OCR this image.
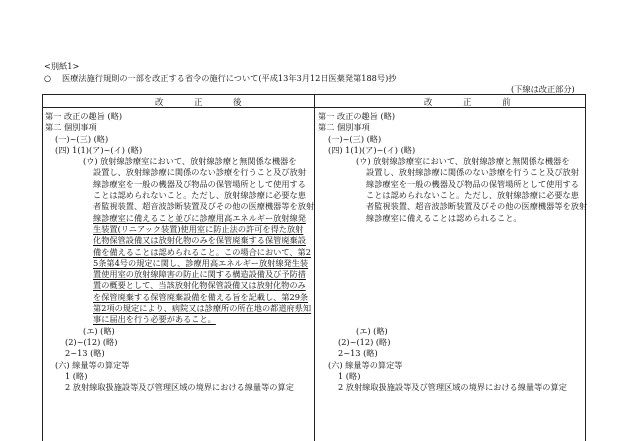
<別紙1>
○ 医療法施行規則の一部を改正する省令の施行について(平成13年3月12日医薬発第188号)抄
(下線は改正部分)
改 正 後	改 正 前
第一 改正の趣旨 (略)
第二 個別事項
(一)~(三) (略)
(四) 1(1)(ア)~(イ) (略)
(ウ) 放射線診療室において、放射線診療と無関係な機器を
設置し、放射線診療に関係のない診療を行うこと及び放射
線診療室を一般の機器及び物品の保管場所として使用する
ことは認められないこと。ただし、放射線診療に必要な患
者監視装置、超音波診断装置及びその他の医療機器等を放射
線診療室に備えること並びに診療用高エネルギー放射線発
生装置(リニアック装置)使用室に防止法の許可を得た放射
化物保管設備又は放射化物のみを保管廃棄する保管廃棄設
備を備えることは認められること。この場合において、第2
5条第4号の規定に関し、診療用高エネルギー放射線発生装
置使用室の放射線障害の防止に関する構造設備及び予防措
置の概要として、当該放射化物保管設備又は放射化物のみ
を保管廃棄する保管廃棄設備を備える旨を記載し、第29条
第2項の規定により、病院又は診療所の所在地の都道府県知
事に届出を行う必要があること。
(エ) (略)
(2)~(12) (略)
2~13 (略)
(六) 線量等の算定等
1 (略)
2 放射線取扱施設等及び管理区域の境界における線量等の算定
第一 改正の趣旨 (略)
第二 個別事項
(一)~(三) (略)
(四) 1(1)(ア)~(イ) (略)
(ウ) 放射線診療室において、放射線診療と無関係な機器を
設置し、放射線診療に関係のない診療を行うこと及び放射
線診療室を一般の機器及び物品の保管場所として使用する
ことは認められないこと。ただし、放射線診療に必要な患
者監視装置、超音波診断装置及びその他の医療機器等を放射
線診療室に備えることは認められること。
(エ) (略)
(2)~(12) (略)
2~13 (略)
(六) 線量等の算定等
1 (略)
2 放射線取扱施設等及び管理区域の境界における線量等の算定
